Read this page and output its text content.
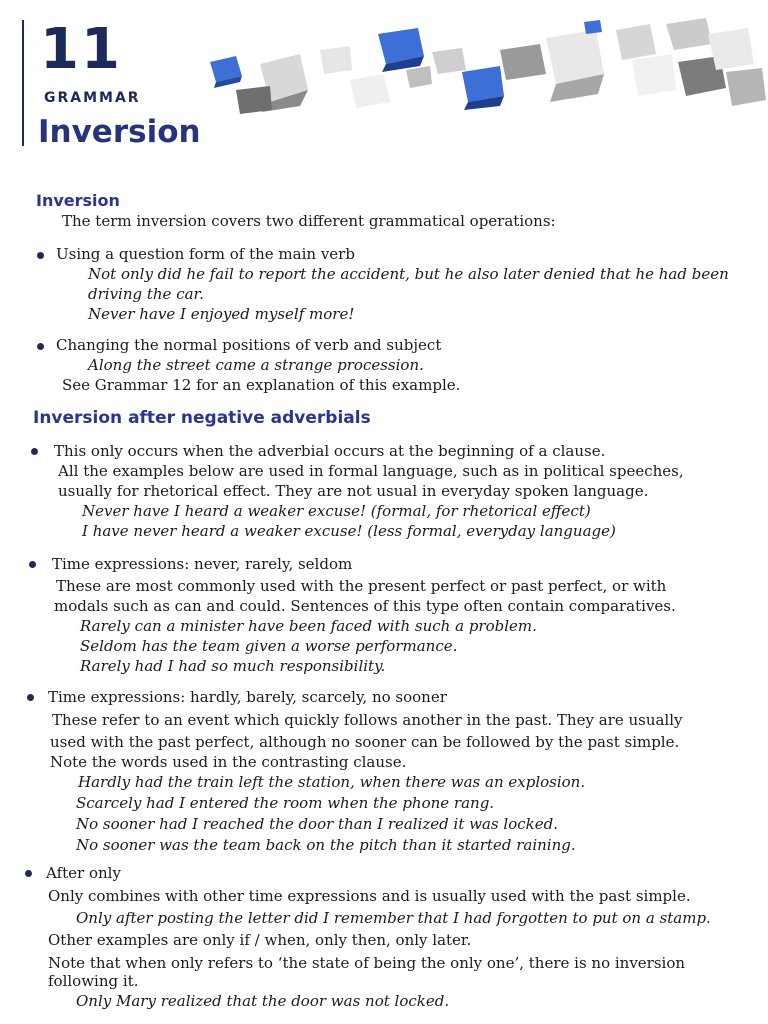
11
GRAMMAR
Inversion
Inversion
The term inversion covers two different grammatical operations:
Using a question form of the main verb
Not only did he fail to report the accident, but he also later denied that he had been
driving the car.
Never have I enjoyed myself more!
Changing the normal positions of verb and subject
Along the street came a strange procession.
See Grammar 12 for an explanation of this example.
Inversion after negative adverbials
This only occurs when the adverbial occurs at the beginning of a clause.
All the examples below are used in formal language, such as in political speeches,
usually for rhetorical effect. They are not usual in everyday spoken language.
Never have I heard a weaker excuse! (formal, for rhetorical effect)
I have never heard a weaker excuse! (less formal, everyday language)
Time expressions: never, rarely, seldom
These are most commonly used with the present perfect or past perfect, or with
modals such as can and could. Sentences of this type often contain comparatives.
Rarely can a minister have been faced with such a problem.
Seldom has the team given a worse performance.
Rarely had I had so much responsibility.
Time expressions: hardly, barely, scarcely, no sooner
These refer to an event which quickly follows another in the past. They are usually
used with the past perfect, although no sooner can be followed by the past simple.
Note the words used in the contrasting clause.
Hardly had the train left the station, when there was an explosion.
Scarcely had I entered the room when the phone rang.
No sooner had I reached the door than I realized it was locked.
No sooner was the team back on the pitch than it started raining.
After only
Only combines with other time expressions and is usually used with the past simple.
Only after posting the letter did I remember that I had forgotten to put on a stamp.
Other examples are only if / when, only then, only later.
Note that when only refers to ‘the state of being the only one’, there is no inversion
following it.
Only Mary realized that the door was not locked.
